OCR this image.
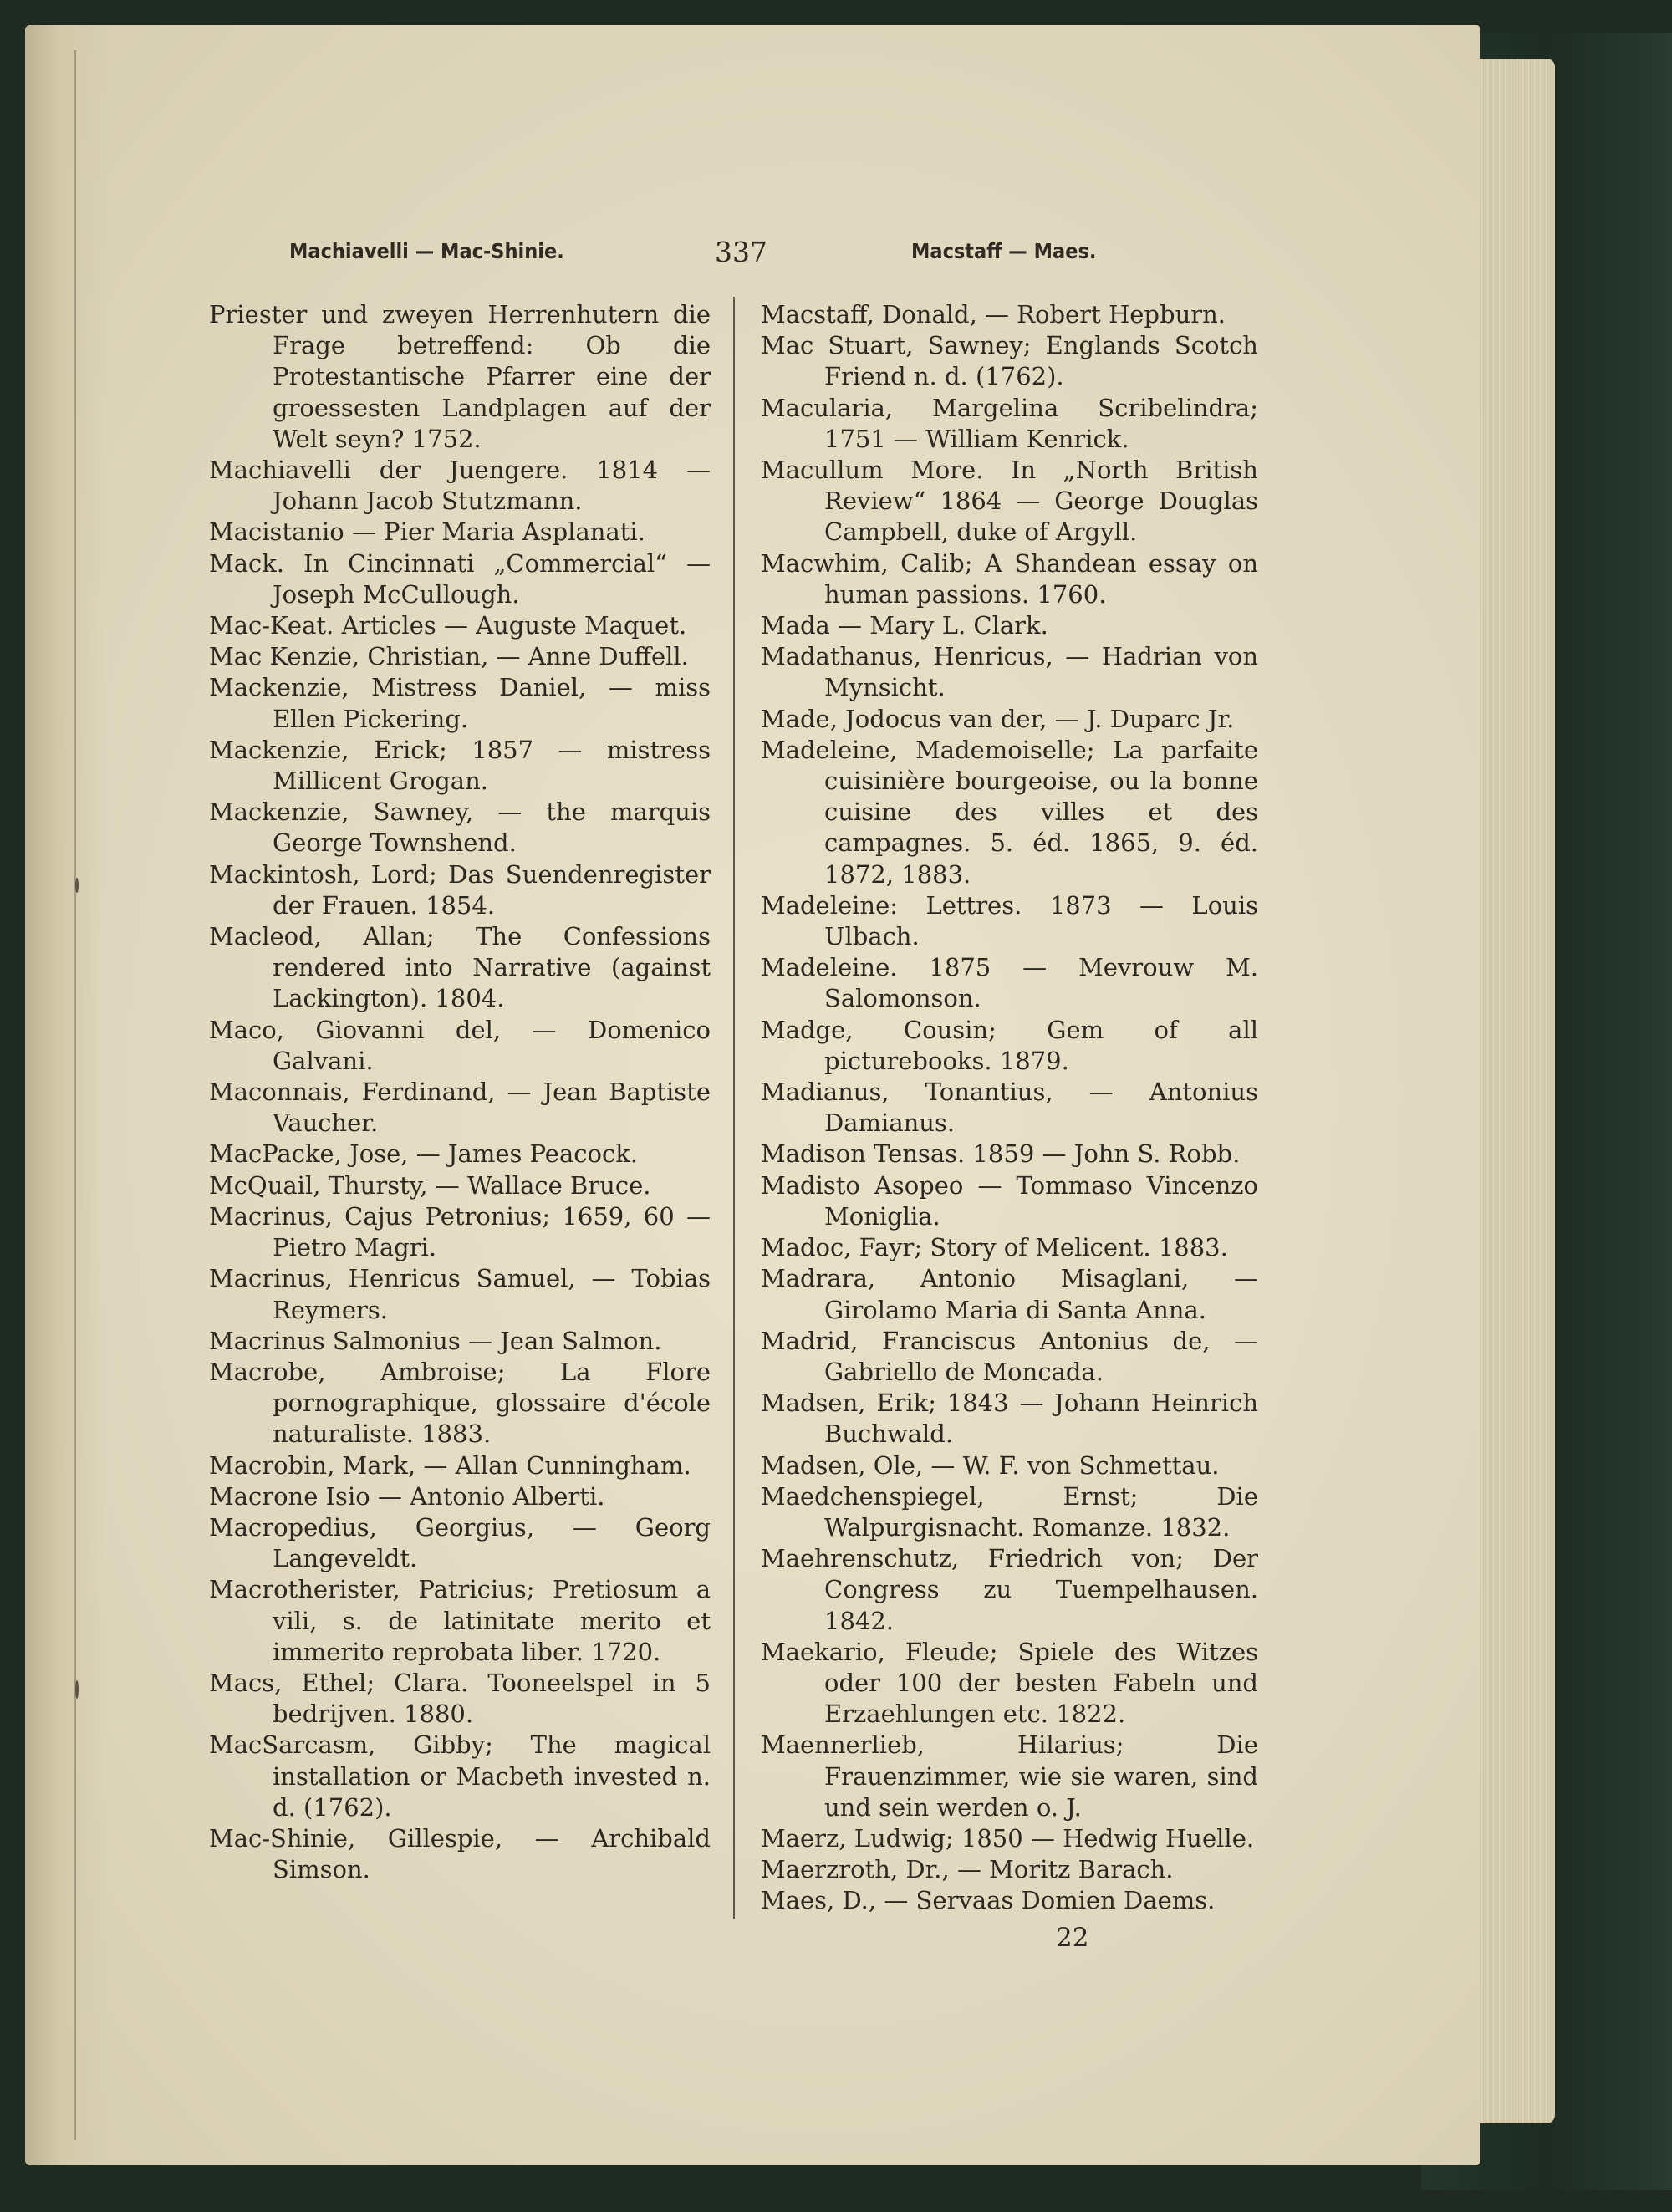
Machiavelli — Mac-Shinie.	337	Macstaff — Maes.

Priester und zweyen Herrenhutern die Frage betreffend: Ob die Protestantische Pfarrer eine der groessesten Landplagen auf der Welt seyn? 1752.

Machiavelli der Juengere. 1814 — Johann Jacob Stutzmann.

Macistanio — Pier Maria Asplanati.

Mack. In Cincinnati „Commercial“ — Joseph McCullough.

Mac-Keat. Articles — Auguste Maquet.

Mac Kenzie, Christian, — Anne Duffell.

Mackenzie, Mistress Daniel, — miss Ellen Pickering.

Mackenzie, Erick; 1857 — mistress Millicent Grogan.

Mackenzie, Sawney, — the marquis George Townshend.

Mackintosh, Lord; Das Suendenregister der Frauen. 1854.

Macleod, Allan; The Confessions rendered into Narrative (against Lackington). 1804.

Maco, Giovanni del, — Domenico Galvani.

Maconnais, Ferdinand, — Jean Baptiste Vaucher.

MacPacke, Jose, — James Peacock.

McQuail, Thursty, — Wallace Bruce.

Macrinus, Cajus Petronius; 1659, 60 — Pietro Magri.

Macrinus, Henricus Samuel, — Tobias Reymers.

Macrinus Salmonius — Jean Salmon.

Macrobe, Ambroise; La Flore pornographique, glossaire d'école naturaliste. 1883.

Macrobin, Mark, — Allan Cunningham.

Macrone Isio — Antonio Alberti.

Macropedius, Georgius, — Georg Langeveldt.

Macrotherister, Patricius; Pretiosum a vili, s. de latinitate merito et immerito reprobata liber. 1720.

Macs, Ethel; Clara. Tooneelspel in 5 bedrijven. 1880.

MacSarcasm, Gibby; The magical installation or Macbeth invested n. d. (1762).

Mac-Shinie, Gillespie, — Archibald Simson.

Macstaff, Donald, — Robert Hepburn.

Mac Stuart, Sawney; Englands Scotch Friend n. d. (1762).

Macularia, Margelina Scribelindra; 1751 — William Kenrick.

Macullum More. In „North British Review“ 1864 — George Douglas Campbell, duke of Argyll.

Macwhim, Calib; A Shandean essay on human passions. 1760.

Mada — Mary L. Clark.

Madathanus, Henricus, — Hadrian von Mynsicht.

Made, Jodocus van der, — J. Duparc Jr.

Madeleine, Mademoiselle; La parfaite cuisinière bourgeoise, ou la bonne cuisine des villes et des campagnes. 5. éd. 1865, 9. éd. 1872, 1883.

Madeleine: Lettres. 1873 — Louis Ulbach.

Madeleine. 1875 — Mevrouw M. Salomonson.

Madge, Cousin; Gem of all picturebooks. 1879.

Madianus, Tonantius, — Antonius Damianus.

Madison Tensas. 1859 — John S. Robb.

Madisto Asopeo — Tommaso Vincenzo Moniglia.

Madoc, Fayr; Story of Melicent. 1883.

Madrara, Antonio Misaglani, — Girolamo Maria di Santa Anna.

Madrid, Franciscus Antonius de, — Gabriello de Moncada.

Madsen, Erik; 1843 — Johann Heinrich Buchwald.

Madsen, Ole, — W. F. von Schmettau.

Maedchenspiegel, Ernst; Die Walpurgisnacht. Romanze. 1832.

Maehrenschutz, Friedrich von; Der Congress zu Tuempelhausen. 1842.

Maekario, Fleude; Spiele des Witzes oder 100 der besten Fabeln und Erzaehlungen etc. 1822.

Maennerlieb, Hilarius; Die Frauenzimmer, wie sie waren, sind und sein werden o. J.

Maerz, Ludwig; 1850 — Hedwig Huelle.

Maerzroth, Dr., — Moritz Barach.

Maes, D., — Servaas Domien Daems.

22
